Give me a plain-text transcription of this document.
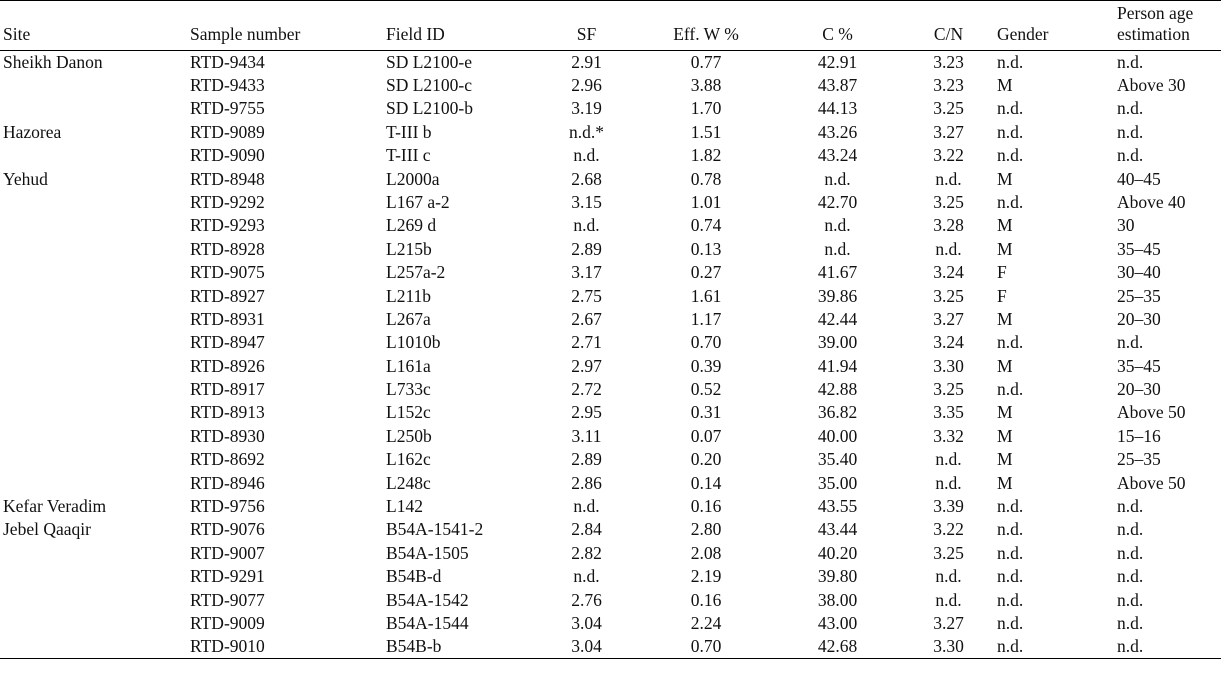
Site	Sample number	Field ID	SF	Eff. W %	C %	C/N	Gender	Person age
estimation
Sheikh Danon	RTD-9434	SD L2100-e	2.91	0.77	42.91	3.23	n.d.	n.d.
	RTD-9433	SD L2100-c	2.96	3.88	43.87	3.23	M	Above 30
	RTD-9755	SD L2100-b	3.19	1.70	44.13	3.25	n.d.	n.d.
Hazorea	RTD-9089	T-III b	n.d.*	1.51	43.26	3.27	n.d.	n.d.
	RTD-9090	T-III c	n.d.	1.82	43.24	3.22	n.d.	n.d.
Yehud	RTD-8948	L2000a	2.68	0.78	n.d.	n.d.	M	40–45
	RTD-9292	L167 a-2	3.15	1.01	42.70	3.25	n.d.	Above 40
	RTD-9293	L269 d	n.d.	0.74	n.d.	3.28	M	30
	RTD-8928	L215b	2.89	0.13	n.d.	n.d.	M	35–45
	RTD-9075	L257a-2	3.17	0.27	41.67	3.24	F	30–40
	RTD-8927	L211b	2.75	1.61	39.86	3.25	F	25–35
	RTD-8931	L267a	2.67	1.17	42.44	3.27	M	20–30
	RTD-8947	L1010b	2.71	0.70	39.00	3.24	n.d.	n.d.
	RTD-8926	L161a	2.97	0.39	41.94	3.30	M	35–45
	RTD-8917	L733c	2.72	0.52	42.88	3.25	n.d.	20–30
	RTD-8913	L152c	2.95	0.31	36.82	3.35	M	Above 50
	RTD-8930	L250b	3.11	0.07	40.00	3.32	M	15–16
	RTD-8692	L162c	2.89	0.20	35.40	n.d.	M	25–35
	RTD-8946	L248c	2.86	0.14	35.00	n.d.	M	Above 50
Kefar Veradim	RTD-9756	L142	n.d.	0.16	43.55	3.39	n.d.	n.d.
Jebel Qaaqir	RTD-9076	B54A-1541-2	2.84	2.80	43.44	3.22	n.d.	n.d.
	RTD-9007	B54A-1505	2.82	2.08	40.20	3.25	n.d.	n.d.
	RTD-9291	B54B-d	n.d.	2.19	39.80	n.d.	n.d.	n.d.
	RTD-9077	B54A-1542	2.76	0.16	38.00	n.d.	n.d.	n.d.
	RTD-9009	B54A-1544	3.04	2.24	43.00	3.27	n.d.	n.d.
	RTD-9010	B54B-b	3.04	0.70	42.68	3.30	n.d.	n.d.
